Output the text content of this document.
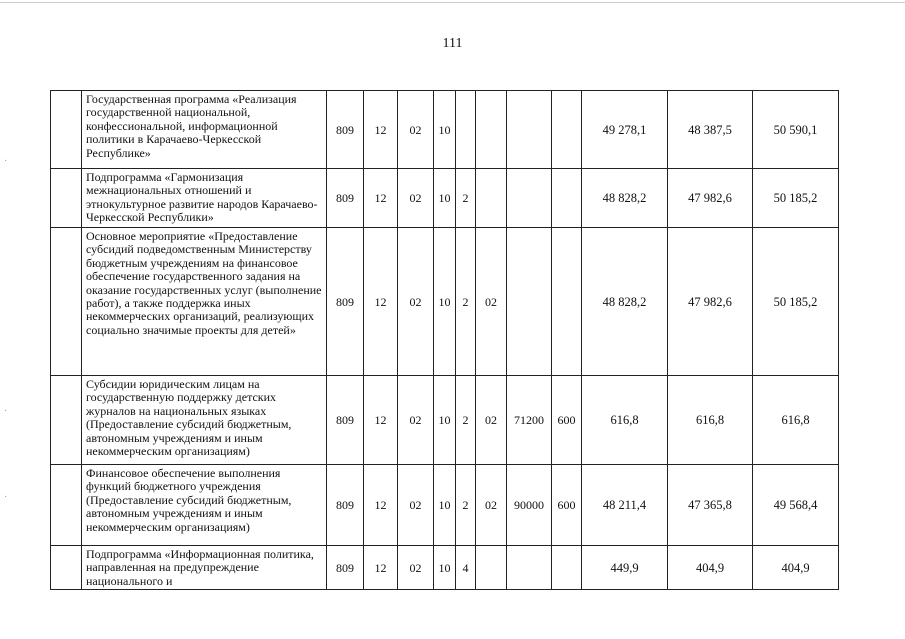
111
·
·
·
	Государственная программа «Реализация государственной национальной, конфессиональной, информационной политики в Карачаево-Черкесской Республике»	809	12	02	10					49 278,1	48 387,5	50 590,1
	Подпрограмма «Гармонизация межнациональных отношений и этнокультурное развитие народов Карачаево-Черкесской Республики»	809	12	02	10	2				48 828,2	47 982,6	50 185,2
	Основное мероприятие «Предоставление субсидий подведомственным Министерству бюджетным учреждениям на финансовое обеспечение государственного задания на оказание государственных услуг (выполнение работ), а также поддержка иных некоммерческих организаций, реализующих социально значимые проекты для детей»	809	12	02	10	2	02			48 828,2	47 982,6	50 185,2
	Субсидии юридическим лицам на государственную поддержку детских журналов на национальных языках (Предоставление субсидий бюджетным, автономным учреждениям и иным некоммерческим организациям)	809	12	02	10	2	02	71200	600	616,8	616,8	616,8
	Финансовое обеспечение выполнения функций бюджетного учреждения (Предоставление субсидий бюджетным, автономным учреждениям и иным некоммерческим организациям)	809	12	02	10	2	02	90000	600	48 211,4	47 365,8	49 568,4
	Подпрограмма «Информационная политика, направленная на предупреждение национального и	809	12	02	10	4				449,9	404,9	404,9
